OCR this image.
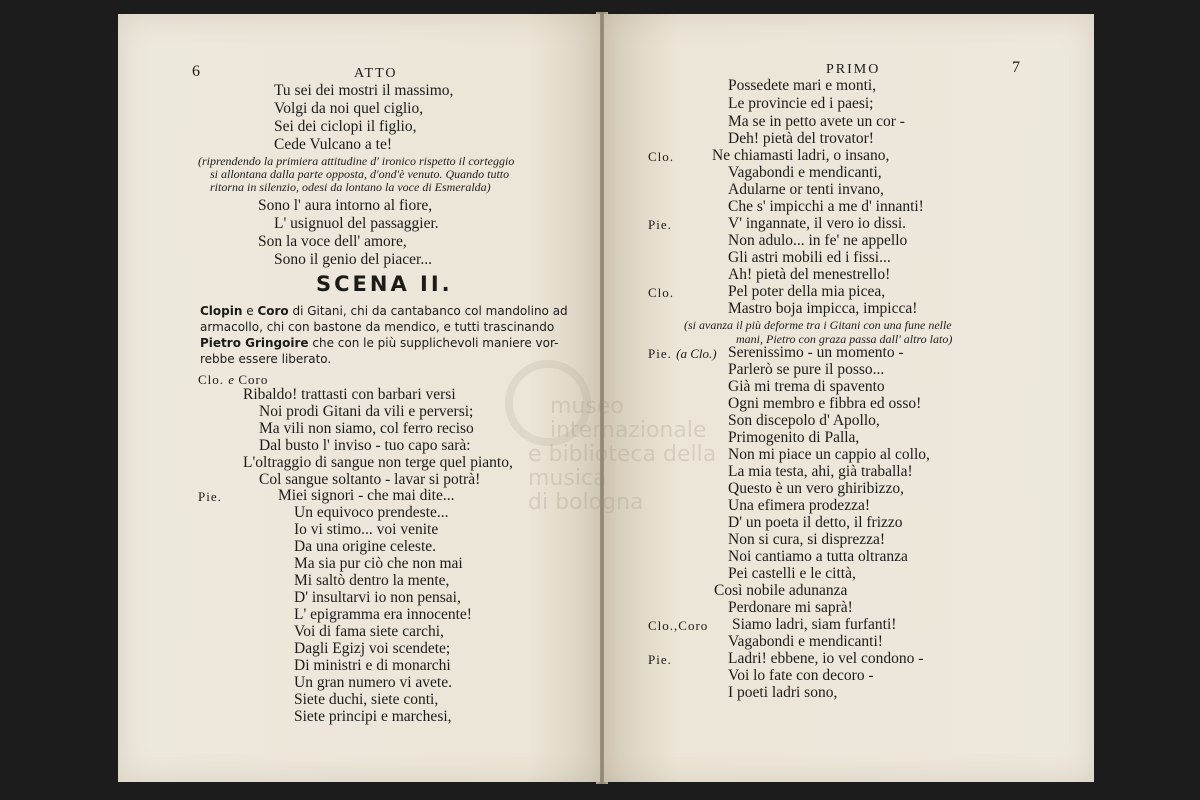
6	ATTO
Tu sei dei mostri il massimo,
Volgi da noi quel ciglio,
Sei dei ciclopi il figlio,
Cede Vulcano a te!
(riprendendo la primiera attitudine d' ironico rispetto il corteggio
si allontana dalla parte opposta, d'ond'è venuto. Quando tutto
ritorna in silenzio, odesi da lontano la voce di Esmeralda)
Sono l' aura intorno al fiore,
L' usignuol del passaggier.
Son la voce dell' amore,
Sono il genio del piacer...
SCENA II.
Clopin e Coro di Gitani, chi da cantabanco col mandolino ad
armacollo, chi con bastone da mendico, e tutti trascinando
Pietro Gringoire che con le più supplichevoli maniere vor-
rebbe essere liberato.
Clo. e Coro
Ribaldo! trattasti con barbari versi
Noi prodi Gitani da vili e perversi;
Ma vili non siamo, col ferro reciso
Dal busto l' inviso - tuo capo sarà:
L'oltraggio di sangue non terge quel pianto,
Col sangue soltanto - lavar si potrà!
Pie.	Miei signori - che mai dite...
Un equivoco prendeste...
Io vi stimo... voi venite
Da una origine celeste.
Ma sia pur ciò che non mai
Mi saltò dentro la mente,
D' insultarvi io non pensai,
L' epigramma era innocente!
Voi di fama siete carchi,
Dagli Egizj voi scendete;
Di ministri e di monarchi
Un gran numero vi avete.
Siete duchi, siete conti,
Siete principi e marchesi,
PRIMO	7
Possedete mari e monti,
Le provincie ed i paesi;
Ma se in petto avete un cor -
Deh! pietà del trovator!
Clo. Ne chiamasti ladri, o insano,
Vagabondi e mendicanti,
Adularne or tenti invano,
Che s' impicchi a me d' innanti!
Pie.	V' ingannate, il vero io dissi.
Non adulo... in fe' ne appello
Gli astri mobili ed i fissi...
Ah! pietà del menestrello!
Clo.	Pel poter della mia picea,
Mastro boja impicca, impicca!
(si avanza il più deforme tra i Gitani con una fune nelle
mani, Pietro con graza passa dall' altro lato)
Pie. (a Clo.) Serenissimo - un momento -
Parlerò se pure il posso...
Già mi trema di spavento
Ogni membro e fibbra ed osso!
Son discepolo d' Apollo,
Primogenito di Palla,
Non mi piace un cappio al collo,
La mia testa, ahi, già traballa!
Questo è un vero ghiribizzo,
Una efimera prodezza!
D' un poeta il detto, il frizzo
Non si cura, si disprezza!
Noi cantiamo a tutta oltranza
Pei castelli e le città,
Così nobile adunanza
Perdonare mi saprà!
Clo.,Coro Siamo ladri, siam furfanti!
Vagabondi e mendicanti!
Pie.	Ladri! ebbene, io vel condono -
Voi lo fate con decoro -
I poeti ladri sono,
museo internazionale
e biblioteca della musica
di bologna
